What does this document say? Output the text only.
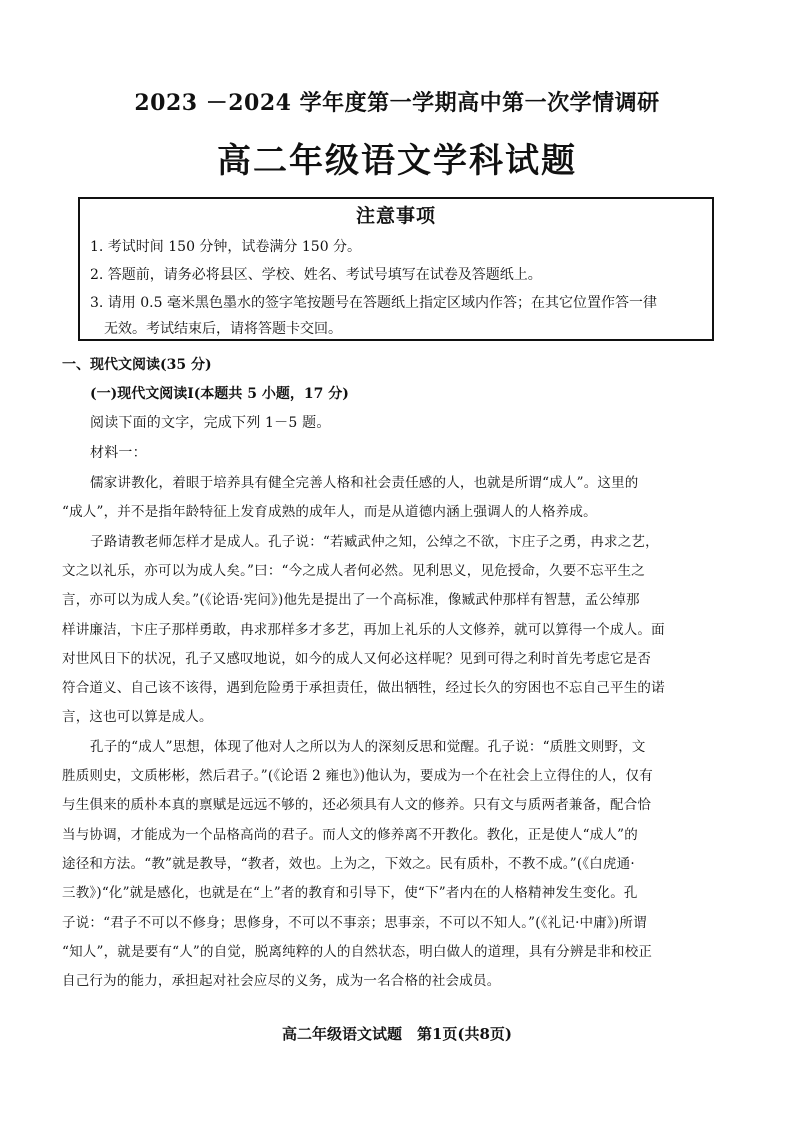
2023 －2024 学年度第一学期高中第一次学情调研
高二年级语文学科试题
注意事项
1. 考试时间 150 分钟，试卷满分 150 分。
2. 答题前，请务必将县区、学校、姓名、考试号填写在试卷及答题纸上。
3. 请用 0.5 毫米黑色墨水的签字笔按题号在答题纸上指定区域内作答；在其它位置作答一律
无效。考试结束后，请将答题卡交回。
一、现代文阅读(35 分)
(一)现代文阅读Ⅰ(本题共 5 小题，17 分)
阅读下面的文字，完成下列 1－5 题。
材料一：
儒家讲教化，着眼于培养具有健全完善人格和社会责任感的人，也就是所谓“成人”。这里的
“成人”，并不是指年龄特征上发育成熟的成年人，而是从道德内涵上强调人的人格养成。
子路请教老师怎样才是成人。孔子说：“若臧武仲之知，公绰之不欲，卞庄子之勇，冉求之艺，
文之以礼乐，亦可以为成人矣。”曰：“今之成人者何必然。见利思义，见危授命，久要不忘平生之
言，亦可以为成人矣。”(《论语·宪问》)他先是提出了一个高标准，像臧武仲那样有智慧，孟公绰那
样讲廉洁，卞庄子那样勇敢，冉求那样多才多艺，再加上礼乐的人文修养，就可以算得一个成人。面
对世风日下的状况，孔子又感叹地说，如今的成人又何必这样呢？见到可得之利时首先考虑它是否
符合道义、自己该不该得，遇到危险勇于承担责任，做出牺牲，经过长久的穷困也不忘自己平生的诺
言，这也可以算是成人。
孔子的“成人”思想，体现了他对人之所以为人的深刻反思和觉醒。孔子说：“质胜文则野，文
胜质则史，文质彬彬，然后君子。”(《论语 2 雍也》)他认为，要成为一个在社会上立得住的人，仅有
与生俱来的质朴本真的禀赋是远远不够的，还必须具有人文的修养。只有文与质两者兼备，配合恰
当与协调，才能成为一个品格高尚的君子。而人文的修养离不开教化。教化，正是使人“成人”的
途径和方法。“教”就是教导，“教者，效也。上为之，下效之。民有质朴，不教不成。”(《白虎通·
三教》)“化”就是感化，也就是在“上”者的教育和引导下，使“下”者内在的人格精神发生变化。孔
子说：“君子不可以不修身；思修身，不可以不事亲；思事亲，不可以不知人。”(《礼记·中庸》)所谓
“知人”，就是要有“人”的自觉，脱离纯粹的人的自然状态，明白做人的道理，具有分辨是非和校正
自己行为的能力，承担起对社会应尽的义务，成为一名合格的社会成员。
高二年级语文试题　第1页(共8页)
